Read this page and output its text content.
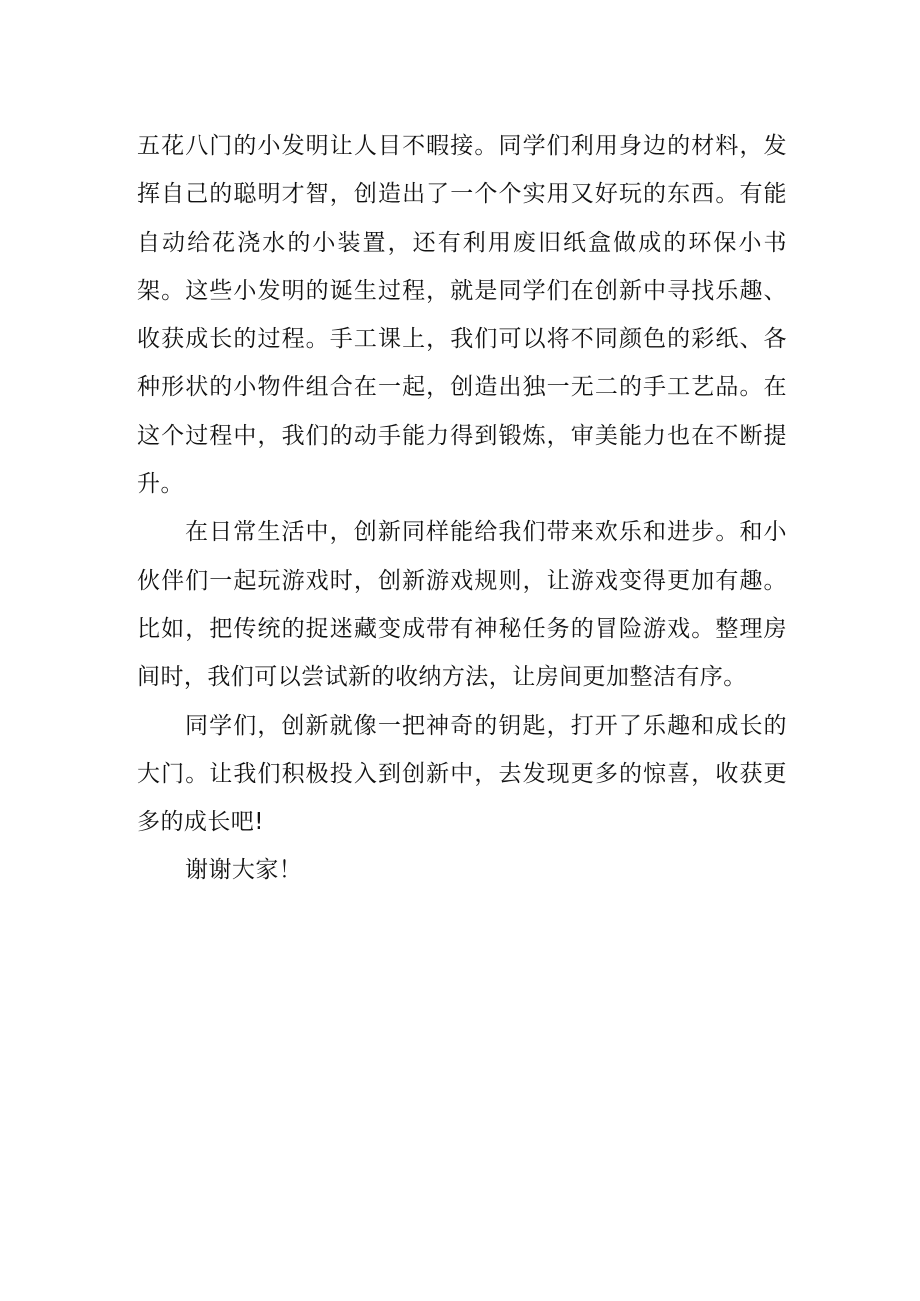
五花八门的小发明让人目不暇接。同学们利用身边的材料，发挥自己的聪明才智，创造出了一个个实用又好玩的东西。有能自动给花浇水的小装置，还有利用废旧纸盒做成的环保小书架。这些小发明的诞生过程，就是同学们在创新中寻找乐趣、收获成长的过程。手工课上，我们可以将不同颜色的彩纸、各种形状的小物件组合在一起，创造出独一无二的手工艺品。在这个过程中，我们的动手能力得到锻炼，审美能力也在不断提升。

在日常生活中，创新同样能给我们带来欢乐和进步。和小伙伴们一起玩游戏时，创新游戏规则，让游戏变得更加有趣。比如，把传统的捉迷藏变成带有神秘任务的冒险游戏。整理房间时，我们可以尝试新的收纳方法，让房间更加整洁有序。

同学们，创新就像一把神奇的钥匙，打开了乐趣和成长的大门。让我们积极投入到创新中，去发现更多的惊喜，收获更多的成长吧!

谢谢大家！
